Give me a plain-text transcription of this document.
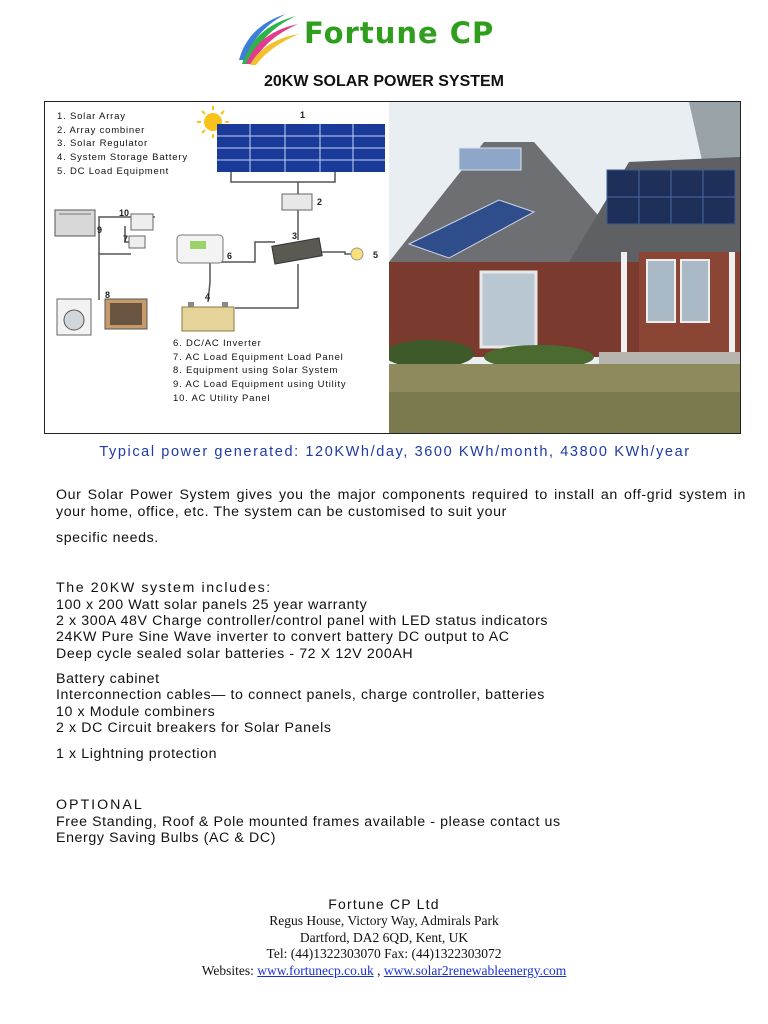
Fortune CP
20KW SOLAR POWER SYSTEM
1
2
3
4
5
6
7
8
9
10
1. Solar Array
2. Array combiner
3. Solar Regulator
4. System Storage Battery
5. DC Load Equipment
6. DC/AC Inverter
7. AC Load Equipment Load Panel
8. Equipment using Solar System
9. AC Load Equipment using Utility
10. AC Utility Panel
Typical power generated: 120KWh/day, 3600 KWh/month, 43800 KWh/year
Our Solar Power System gives you the major components required to install an off-grid system in your home, office, etc. The system can be customised to suit your
specific needs.
The 20KW system includes:
100 x 200 Watt solar panels 25 year warranty
2 x 300A 48V Charge controller/control panel with LED status indicators
24KW Pure Sine Wave inverter to convert battery DC output to AC
Deep cycle sealed solar batteries - 72 X 12V 200AH
Battery cabinet
Interconnection cables— to connect panels, charge controller, batteries
10 x Module combiners
2 x DC Circuit breakers for Solar Panels
1 x Lightning protection
OPTIONAL
Free Standing, Roof & Pole mounted frames available - please contact us
Energy Saving Bulbs (AC & DC)
Fortune CP Ltd
Regus House, Victory Way, Admirals Park
Dartford, DA2 6QD, Kent, UK
Tel: (44)1322303070 Fax: (44)1322303072
Websites: www.fortunecp.co.uk , www.solar2renewableenergy.com
